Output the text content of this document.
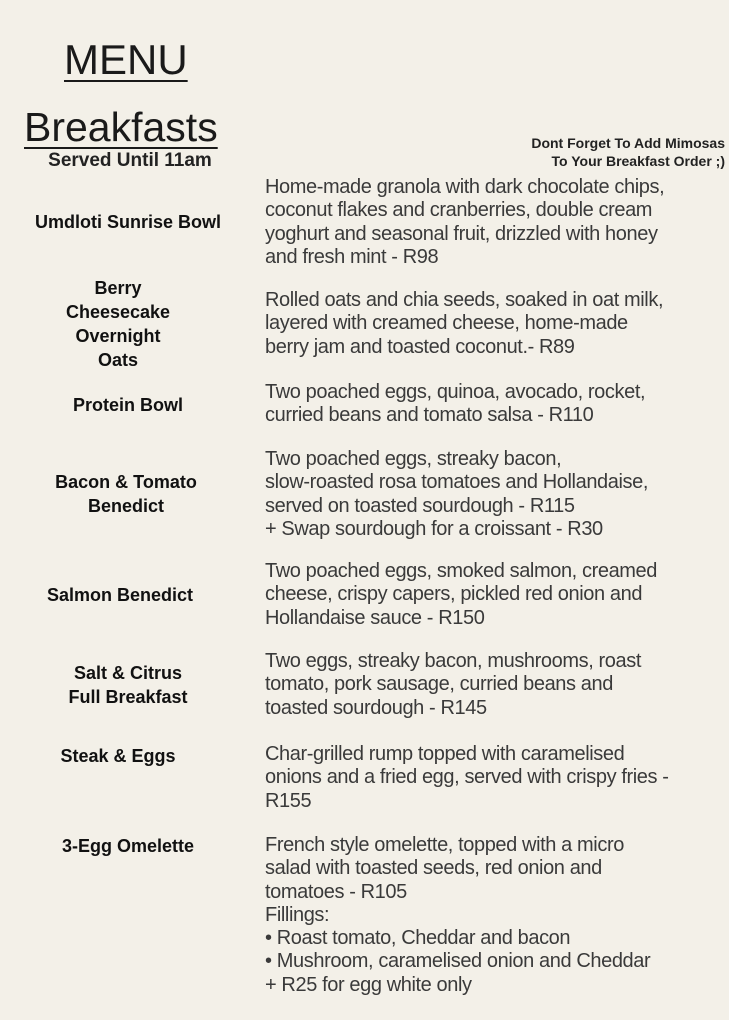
MENU
Breakfasts
Served Until 11am
Dont Forget To Add Mimosas
To Your Breakfast Order ;)
Umdloti Sunrise Bowl
Home-made granola with dark chocolate chips,
coconut flakes and cranberries, double cream
yoghurt and seasonal fruit, drizzled with honey
and fresh mint - R98
Berry
Cheesecake
Overnight
Oats
Rolled oats and chia seeds, soaked in oat milk,
layered with creamed cheese, home-made
berry jam and toasted coconut.- R89
Protein Bowl
Two poached eggs, quinoa, avocado, rocket,
curried beans and tomato salsa - R110
Bacon & Tomato
Benedict
Two poached eggs, streaky bacon,
slow-roasted rosa tomatoes and Hollandaise,
served on toasted sourdough - R115
+ Swap sourdough for a croissant - R30
Salmon Benedict
Two poached eggs, smoked salmon, creamed
cheese, crispy capers, pickled red onion and
Hollandaise sauce - R150
Salt & Citrus
Full Breakfast
Two eggs, streaky bacon, mushrooms, roast
tomato, pork sausage, curried beans and
toasted sourdough - R145
Steak & Eggs	Char-grilled rump topped with caramelised
onions and a fried egg, served with crispy fries -
R155
3-Egg Omelette	French style omelette, topped with a micro
salad with toasted seeds, red onion and
tomatoes - R105
Fillings:
• Roast tomato, Cheddar and bacon
• Mushroom, caramelised onion and Cheddar
+ R25 for egg white only
